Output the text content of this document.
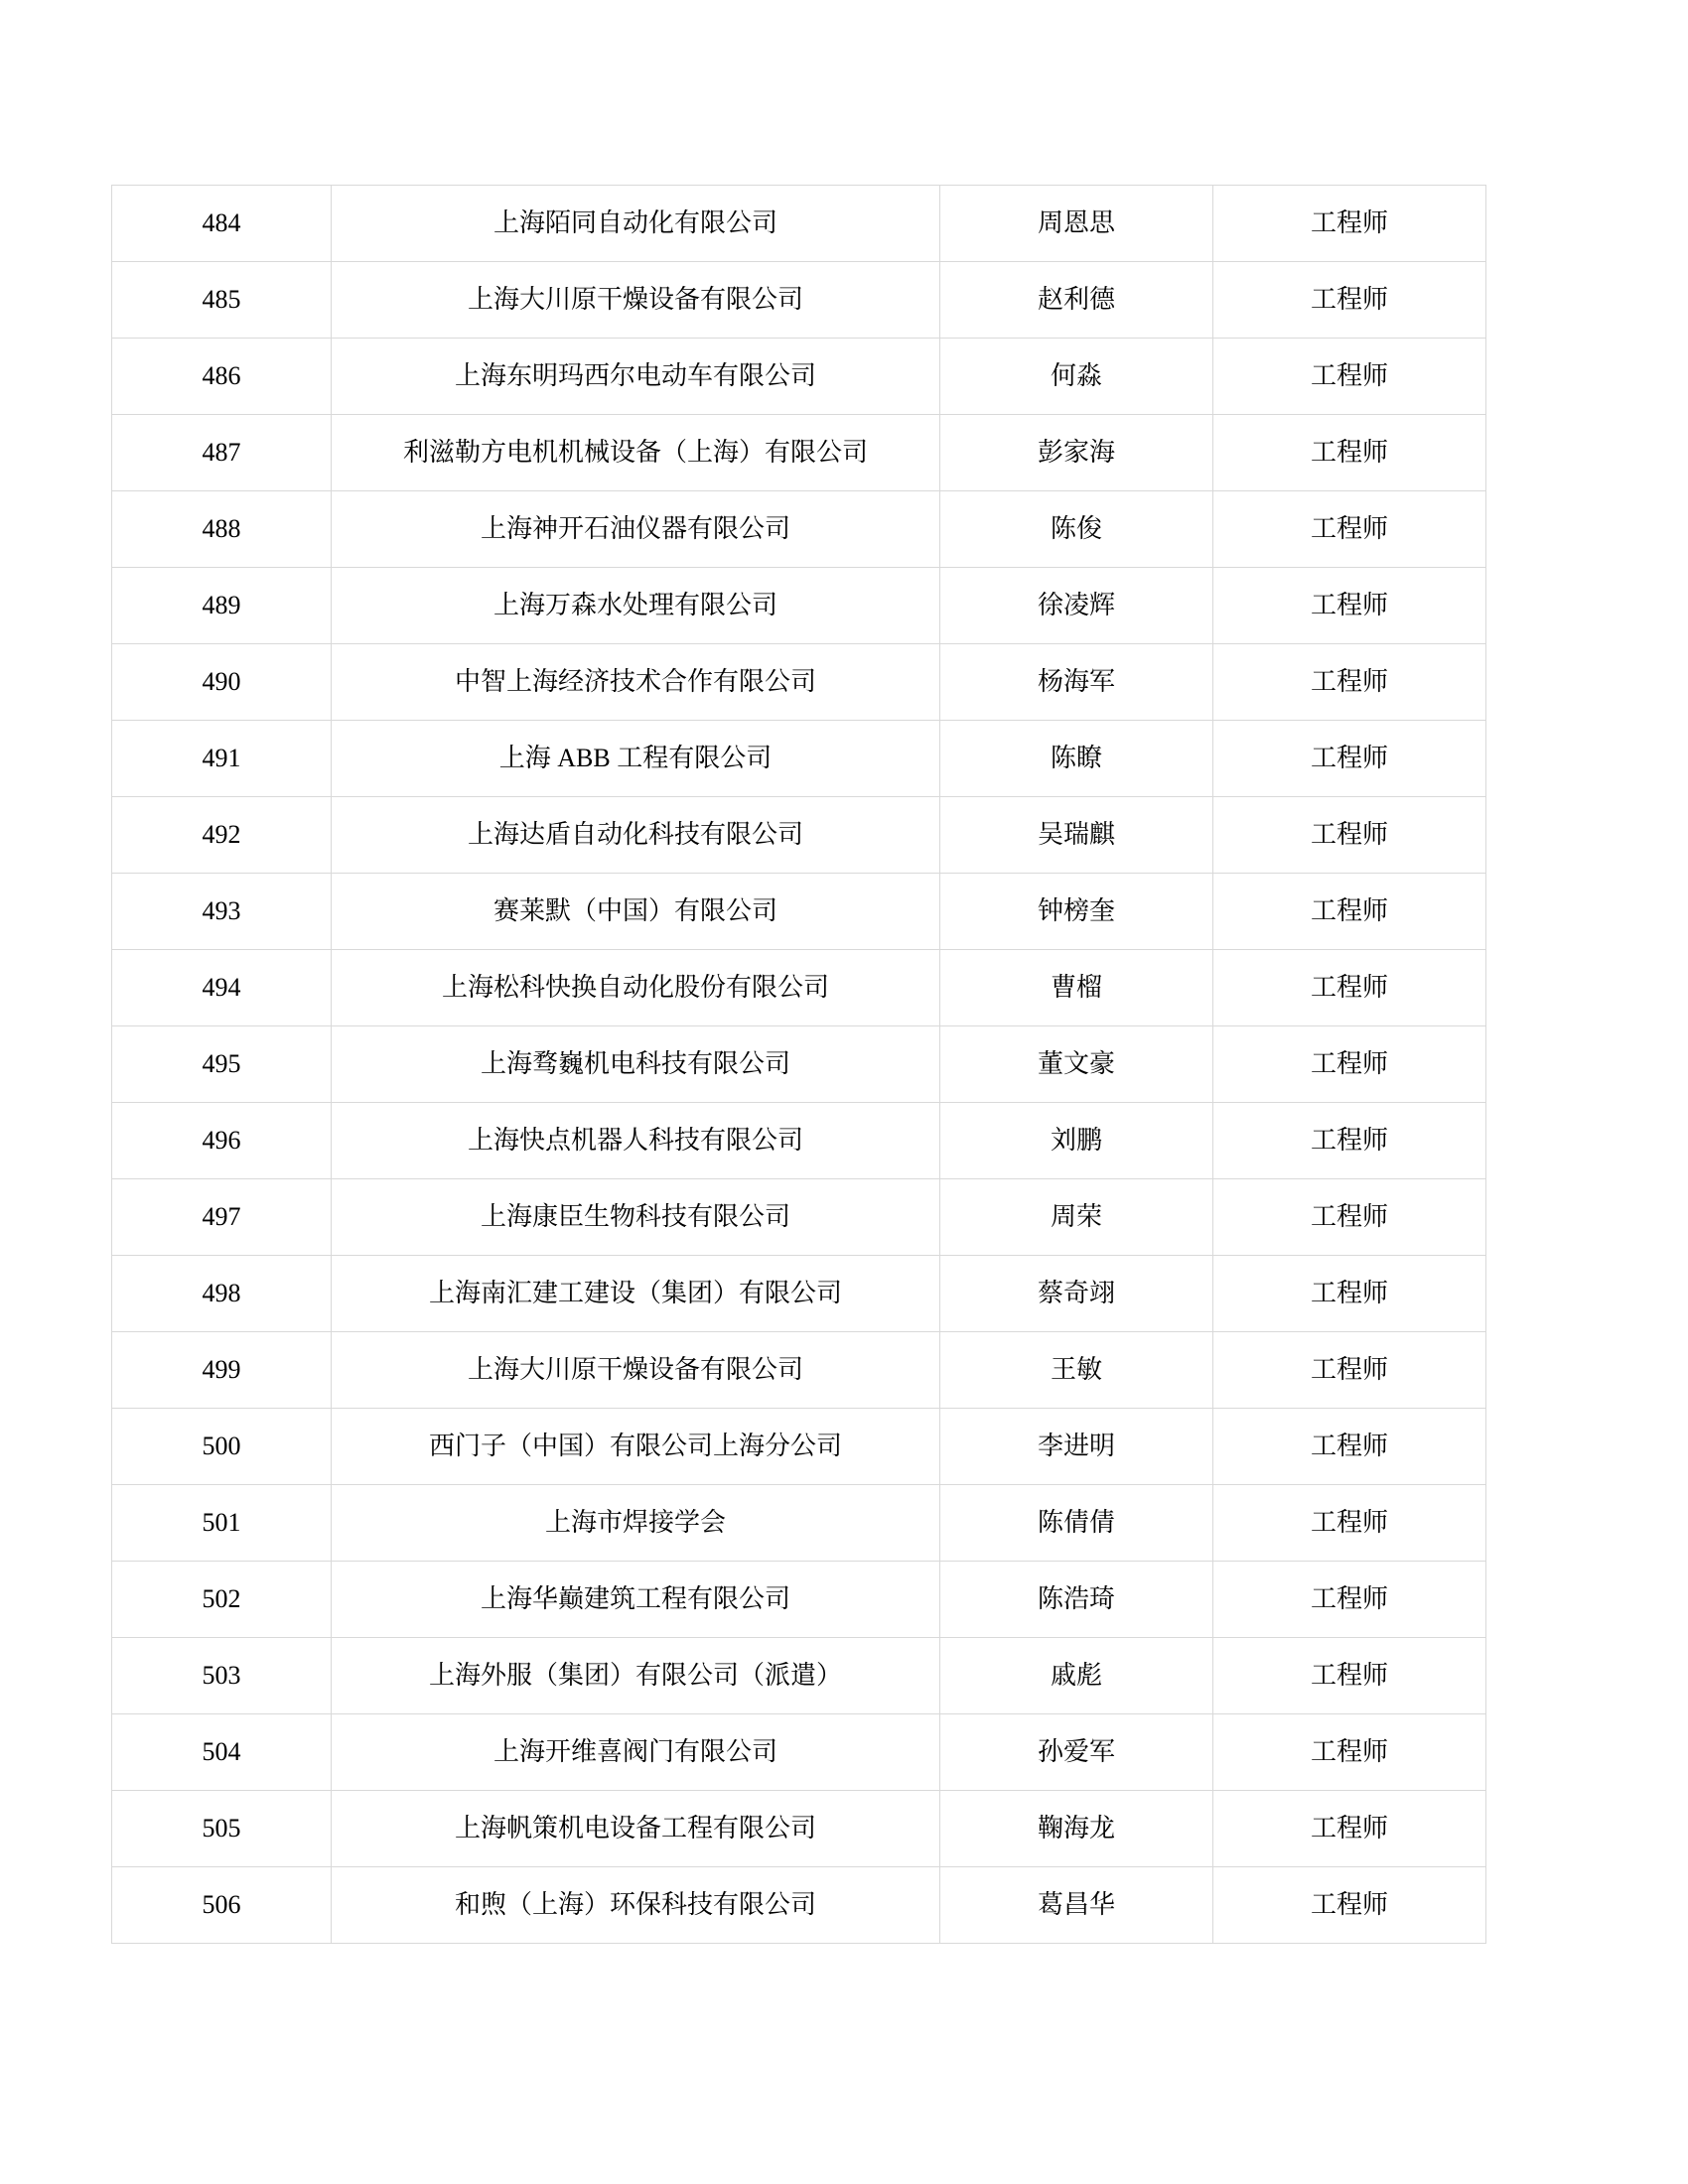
484	上海陌同自动化有限公司	周恩思	工程师
485	上海大川原干燥设备有限公司	赵利德	工程师
486	上海东明玛西尔电动车有限公司	何淼	工程师
487	利滋勒方电机机械设备（上海）有限公司	彭家海	工程师
488	上海神开石油仪器有限公司	陈俊	工程师
489	上海万森水处理有限公司	徐凌辉	工程师
490	中智上海经济技术合作有限公司	杨海军	工程师
491	上海 ABB 工程有限公司	陈瞭	工程师
492	上海达盾自动化科技有限公司	吴瑞麒	工程师
493	赛莱默（中国）有限公司	钟榜奎	工程师
494	上海松科快换自动化股份有限公司	曹榴	工程师
495	上海骛巍机电科技有限公司	董文豪	工程师
496	上海快点机器人科技有限公司	刘鹏	工程师
497	上海康臣生物科技有限公司	周荣	工程师
498	上海南汇建工建设（集团）有限公司	蔡奇翊	工程师
499	上海大川原干燥设备有限公司	王敏	工程师
500	西门子（中国）有限公司上海分公司	李进明	工程师
501	上海市焊接学会	陈倩倩	工程师
502	上海华巅建筑工程有限公司	陈浩琦	工程师
503	上海外服（集团）有限公司（派遣）	戚彪	工程师
504	上海开维喜阀门有限公司	孙爱军	工程师
505	上海帆策机电设备工程有限公司	鞠海龙	工程师
506	和煦（上海）环保科技有限公司	葛昌华	工程师
